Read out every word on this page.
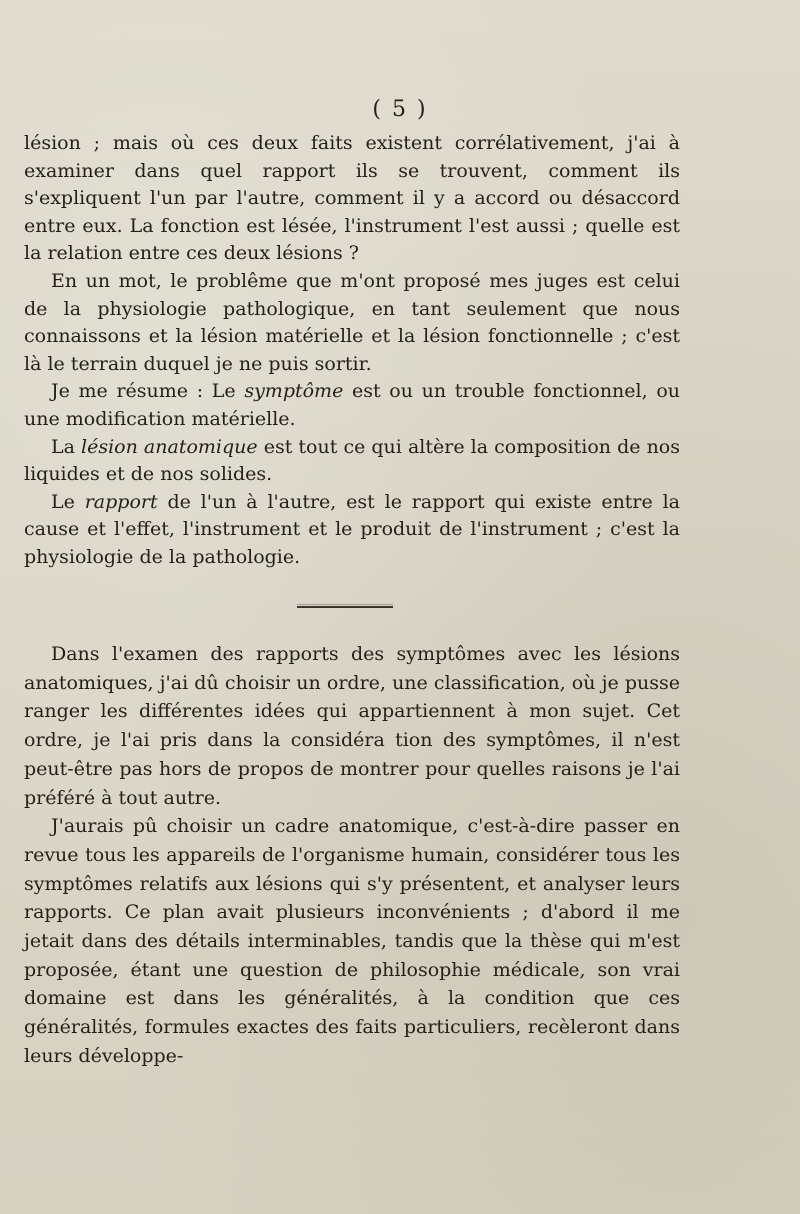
( 5 )

lésion ; mais où ces deux faits existent corrélativement, j'ai à examiner dans quel rapport ils se trouvent, comment ils s'expliquent l'un par l'autre, comment il y a accord ou désaccord entre eux. La fonction est lésée, l'instrument l'est aussi ; quelle est la relation entre ces deux lésions ?

En un mot, le problême que m'ont proposé mes juges est celui de la physiologie pathologique, en tant seulement que nous connaissons et la lésion matérielle et la lésion fonctionnelle ; c'est là le terrain duquel je ne puis sortir.

Je me résume : Le symptôme est ou un trouble fonctionnel, ou une modification matérielle.

La lésion anatomique est tout ce qui altère la composition de nos liquides et de nos solides.

Le rapport de l'un à l'autre, est le rapport qui existe entre la cause et l'effet, l'instrument et le produit de l'instrument ; c'est la physiologie de la pathologie.

Dans l'examen des rapports des symptômes avec les lésions anatomiques, j'ai dû choisir un ordre, une classification, où je pusse ranger les différentes idées qui appartiennent à mon sujet. Cet ordre, je l'ai pris dans la considéra tion des symptômes, il n'est peut-être pas hors de propos de montrer pour quelles raisons je l'ai préféré à tout autre.

J'aurais pû choisir un cadre anatomique, c'est-à-dire passer en revue tous les appareils de l'organisme humain, considérer tous les symptômes relatifs aux lésions qui s'y présentent, et analyser leurs rapports. Ce plan avait plusieurs inconvénients ; d'abord il me jetait dans des détails interminables, tandis que la thèse qui m'est proposée, étant une question de philosophie médicale, son vrai domaine est dans les généralités, à la condition que ces généralités, formules exactes des faits particuliers, recèleront dans leurs développe-
